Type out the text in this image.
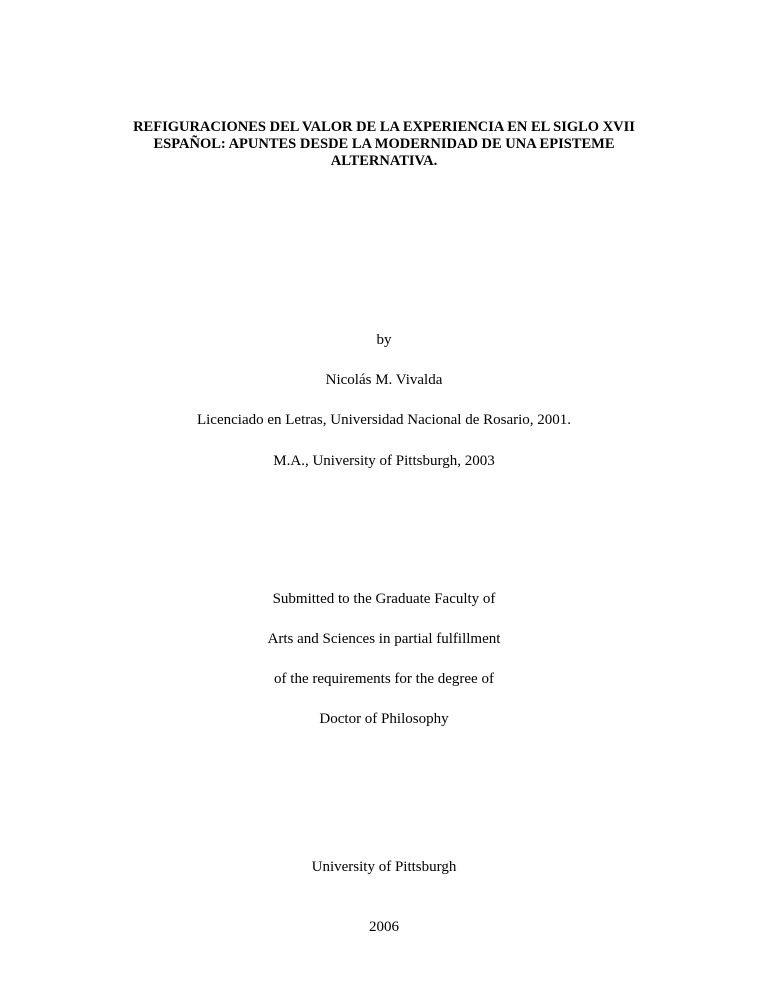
REFIGURACIONES DEL VALOR DE LA EXPERIENCIA EN EL SIGLO XVII
ESPAÑOL: APUNTES DESDE LA MODERNIDAD DE UNA EPISTEME
ALTERNATIVA.
by
Nicolás M. Vivalda
Licenciado en Letras, Universidad Nacional de Rosario, 2001.
M.A., University of Pittsburgh, 2003
Submitted to the Graduate Faculty of
Arts and Sciences in partial fulfillment
of the requirements for the degree of
Doctor of Philosophy
University of Pittsburgh
2006
